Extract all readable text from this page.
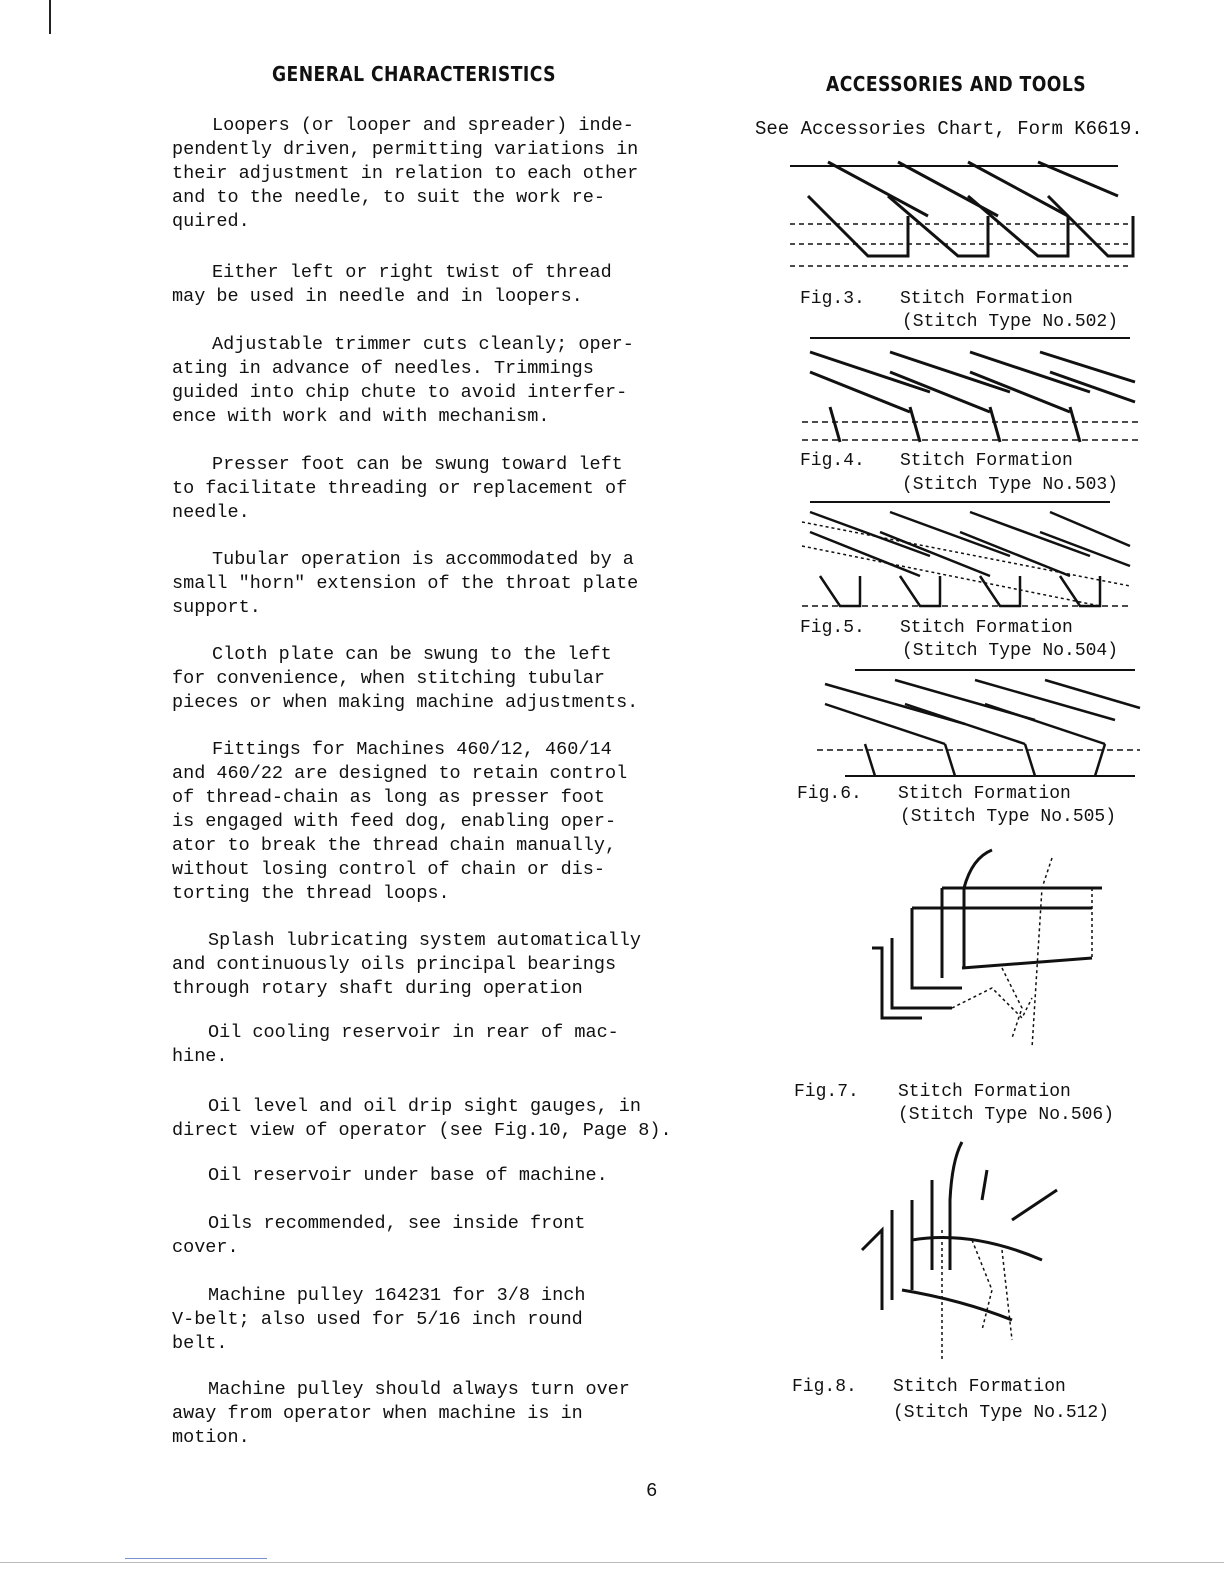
GENERAL CHARACTERISTICS

Loopers (or looper and spreader) inde-
pendently driven, permitting variations in
their adjustment in relation to each other
and to the needle, to suit the work re-
quired.

Either left or right twist of thread
may be used in needle and in loopers.

Adjustable trimmer cuts cleanly; oper-
ating in advance of needles. Trimmings
guided into chip chute to avoid interfer-
ence with work and with mechanism.

Presser foot can be swung toward left
to facilitate threading or replacement of
needle.

Tubular operation is accommodated by a
small "horn" extension of the throat plate
support.

Cloth plate can be swung to the left
for convenience, when stitching tubular
pieces or when making machine adjustments.

Fittings for Machines 460/12, 460/14
and 460/22 are designed to retain control
of thread-chain as long as presser foot
is engaged with feed dog, enabling oper-
ator to break the thread chain manually,
without losing control of chain or dis-
torting the thread loops.

Splash lubricating system automatically
and continuously oils principal bearings
through rotary shaft during operation

Oil cooling reservoir in rear of mac-
hine.

Oil level and oil drip sight gauges, in
direct view of operator (see Fig.10, Page 8).

Oil reservoir under base of machine.

Oils recommended, see inside front
cover.

Machine pulley 164231 for 3/8 inch
V-belt; also used for 5/16 inch round
belt.

Machine pulley should always turn over
away from operator when machine is in
motion.

ACCESSORIES AND TOOLS
See Accessories Chart, Form K6619.
Fig.3. Stitch Formation
(Stitch Type No.502)
Fig.4. Stitch Formation
(Stitch Type No.503)
Fig.5. Stitch Formation
(Stitch Type No.504)
Fig.6. Stitch Formation
(Stitch Type No.505)
Fig.7. Stitch Formation
(Stitch Type No.506)
Fig.8. Stitch Formation
(Stitch Type No.512)
6
